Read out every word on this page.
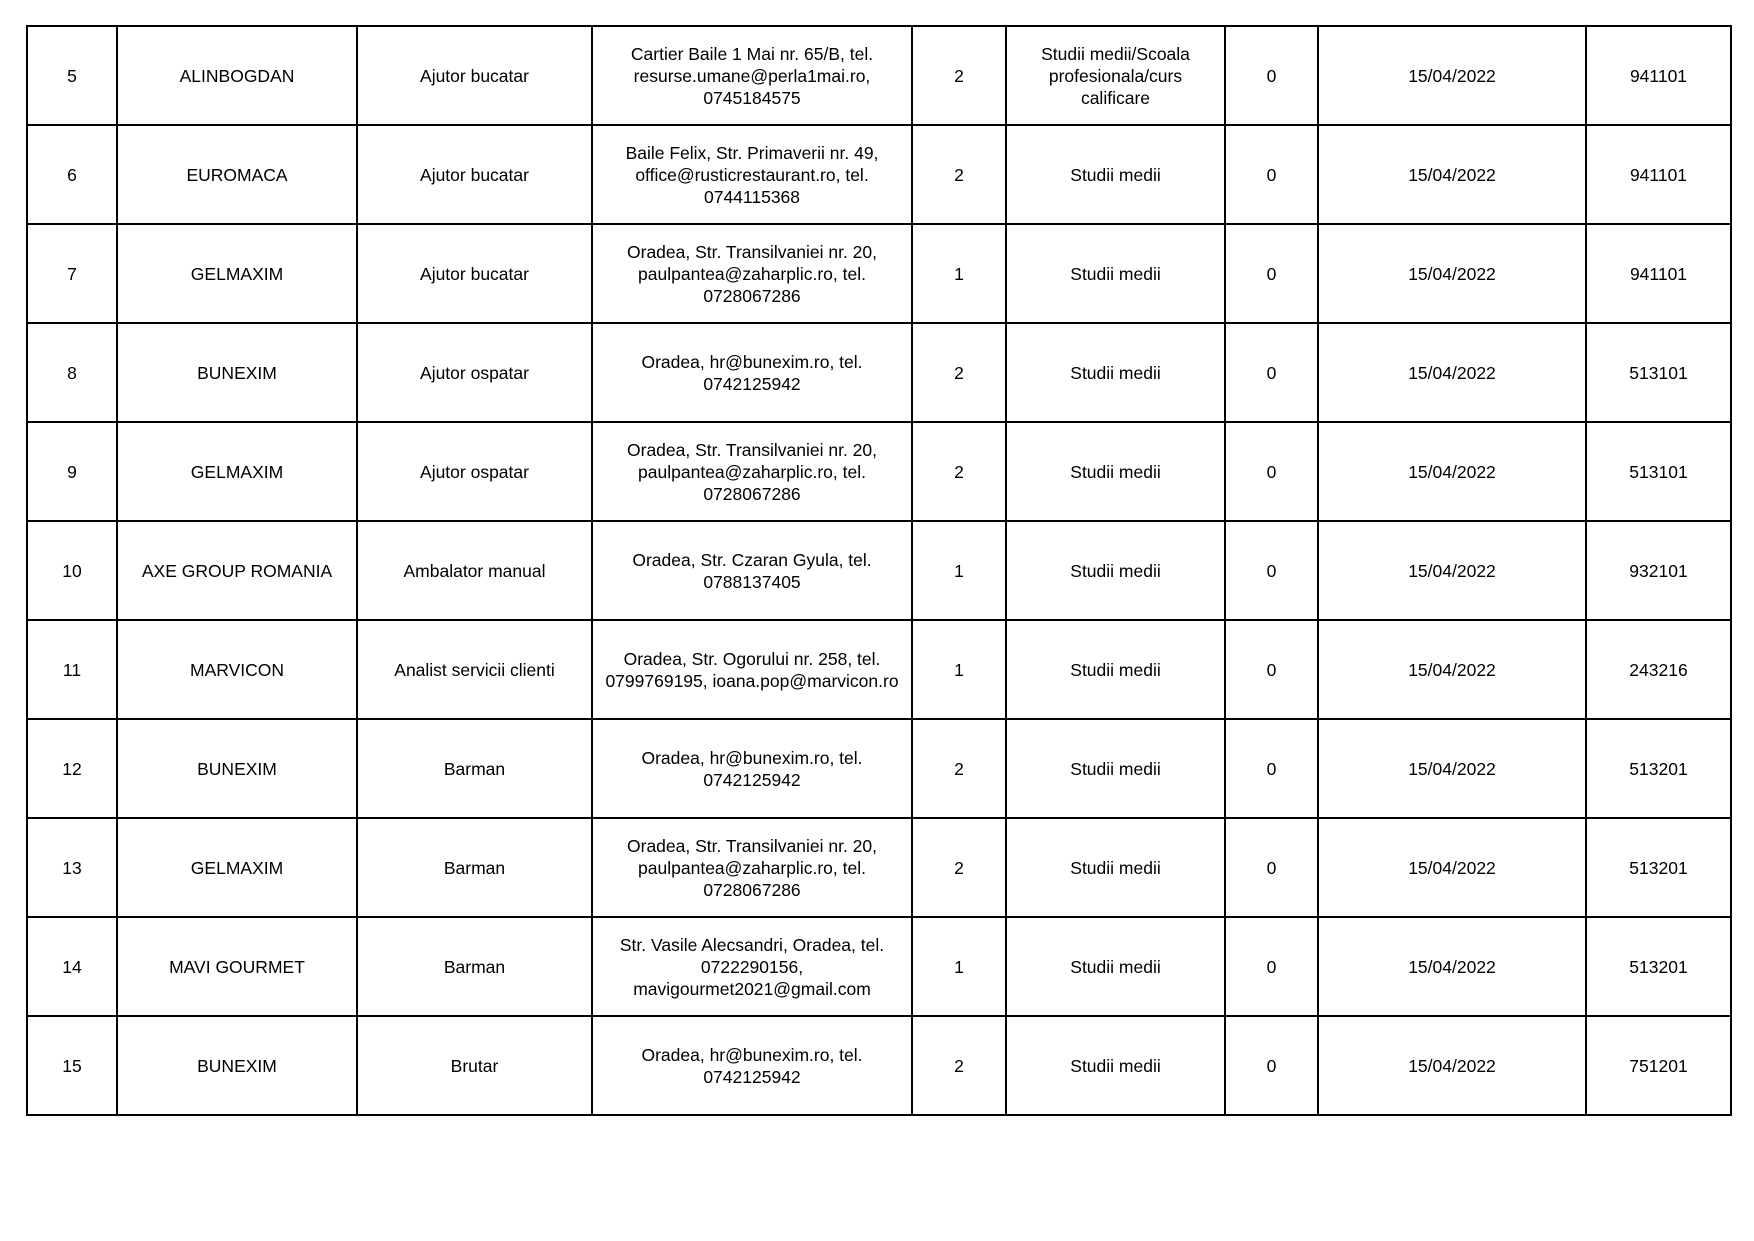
5	ALINBOGDAN	Ajutor bucatar	Cartier Baile 1 Mai nr. 65/B, tel.
resurse.umane@perla1mai.ro,
0745184575	2	Studii medii/Scoala
profesionala/curs
calificare	0	15/04/2022	941101
6	EUROMACA	Ajutor bucatar	Baile Felix, Str. Primaverii nr. 49,
office@rusticrestaurant.ro, tel.
0744115368	2	Studii medii	0	15/04/2022	941101
7	GELMAXIM	Ajutor bucatar	Oradea, Str. Transilvaniei nr. 20,
paulpantea@zaharplic.ro, tel.
0728067286	1	Studii medii	0	15/04/2022	941101
8	BUNEXIM	Ajutor ospatar	Oradea, hr@bunexim.ro, tel.
0742125942	2	Studii medii	0	15/04/2022	513101
9	GELMAXIM	Ajutor ospatar	Oradea, Str. Transilvaniei nr. 20,
paulpantea@zaharplic.ro, tel.
0728067286	2	Studii medii	0	15/04/2022	513101
10	AXE GROUP ROMANIA	Ambalator manual	Oradea, Str. Czaran Gyula, tel.
0788137405	1	Studii medii	0	15/04/2022	932101
11	MARVICON	Analist servicii clienti	Oradea, Str. Ogorului nr. 258, tel.
0799769195, ioana.pop@marvicon.ro	1	Studii medii	0	15/04/2022	243216
12	BUNEXIM	Barman	Oradea, hr@bunexim.ro, tel.
0742125942	2	Studii medii	0	15/04/2022	513201
13	GELMAXIM	Barman	Oradea, Str. Transilvaniei nr. 20,
paulpantea@zaharplic.ro, tel.
0728067286	2	Studii medii	0	15/04/2022	513201
14	MAVI GOURMET	Barman	Str. Vasile Alecsandri, Oradea, tel.
0722290156,
mavigourmet2021@gmail.com	1	Studii medii	0	15/04/2022	513201
15	BUNEXIM	Brutar	Oradea, hr@bunexim.ro, tel.
0742125942	2	Studii medii	0	15/04/2022	751201
